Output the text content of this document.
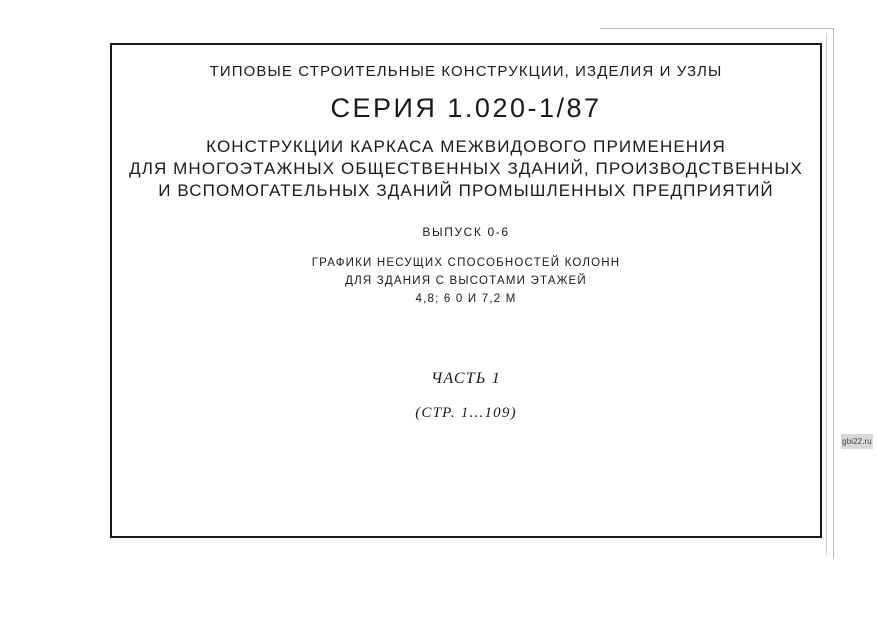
ТИПОВЫЕ СТРОИТЕЛЬНЫЕ КОНСТРУКЦИИ, ИЗДЕЛИЯ И УЗЛЫ
СЕРИЯ 1.020-1/87
КОНСТРУКЦИИ КАРКАСА МЕЖВИДОВОГО ПРИМЕНЕНИЯ
ДЛЯ МНОГОЭТАЖНЫХ ОБЩЕСТВЕННЫХ ЗДАНИЙ, ПРОИЗВОДСТВЕННЫХ
И ВСПОМОГАТЕЛЬНЫХ ЗДАНИЙ ПРОМЫШЛЕННЫХ ПРЕДПРИЯТИЙ
ВЫПУСК 0-6
ГРАФИКИ НЕСУЩИХ СПОСОБНОСТЕЙ КОЛОНН
ДЛЯ ЗДАНИЯ С ВЫСОТАМИ ЭТАЖЕЙ
4,8; 6 0 И 7,2 М
ЧАСТЬ 1
(СТР. 1...109)
gbi22.ru
